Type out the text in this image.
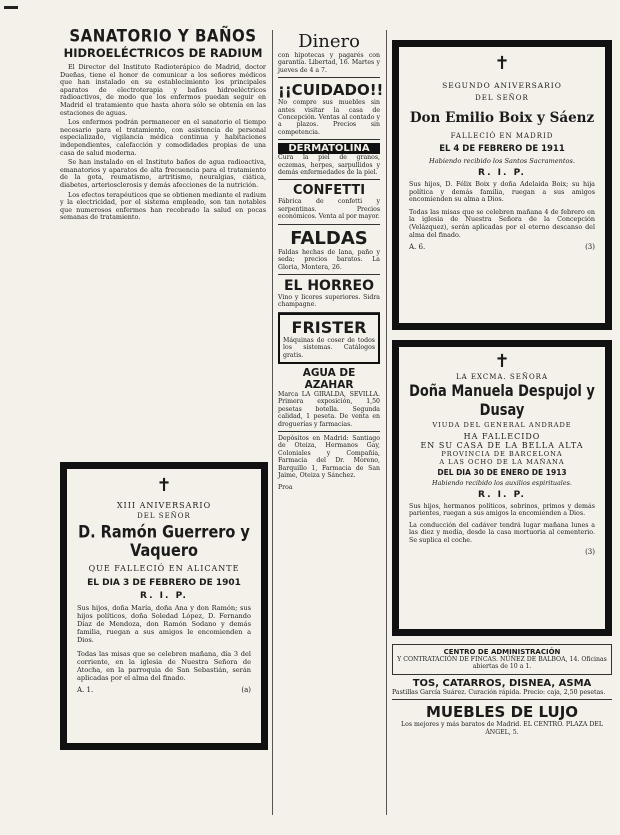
SANATORIO Y BAÑOS
HIDROELÉCTRICOS DE RADIUM

El Director del Instituto Radioterápico de Madrid, doctor Dueñas, tiene el honor de comunicar a los señores médicos que han instalado en su establecimiento los principales aparatos de electroterapia y baños hidroeléctricos radioactivos, de modo que los enfermos puedan seguir en Madrid el tratamiento que hasta ahora sólo se obtenía en las estaciones de aguas.

Los enfermos podrán permanecer en el sanatorio el tiempo necesario para el tratamiento, con asistencia de personal especializado, vigilancia médica continua y habitaciones independientes, calefacción y comodidades propias de una casa de salud moderna.

Se han instalado en el Instituto baños de agua radioactiva, emanatorios y aparatos de alta frecuencia para el tratamiento de la gota, reumatismo, artritismo, neuralgias, ciática, diabetes, arteriosclerosis y demás afecciones de la nutrición.

Los efectos terapéuticos que se obtienen mediante el radium y la electricidad, por el sistema empleado, son tan notables que numerosos enfermos han recobrado la salud en pocas semanas de tratamiento.

✝
XIII ANIVERSARIO
DEL SEÑOR
D. Ramón Guerrero y Vaquero
QUE FALLECIÓ EN ALICANTE
EL DIA 3 DE FEBRERO DE 1901
R. I. P.
Sus hijos, doña María, doña Ana y don Ramón; sus hijos políticos, doña Soledad López, D. Fernando Díaz de Mendoza, don Ramón Sodano y demás familia, ruegan a sus amigos le encomienden a Dios.
Todas las misas que se celebren mañana, día 3 del corriente, en la iglesia de Nuestra Señora de Atocha, en la parroquia de San Sebastián, serán aplicadas por el alma del finado.
A. 1.	(a)
Dinero
con hipotecas y pagarés con garantía. Libertad, 16. Martes y jueves de 4 a 7.
¡¡CUIDADO!!
No compre sus muebles sin antes visitar la casa de Concepción. Ventas al contado y a plazos. Precios sin competencia.
DERMATOLINA
Cura la piel de granos, eczemas, herpes, sarpullidos y demás enfermedades de la piel.
CONFETTI
Fábrica de confetti y serpentinas. Precios económicos. Venta al por mayor.
FALDAS
Faldas hechas de lana, paño y seda; precios baratos. La Gloria, Montera, 26.
EL HORREO
Vino y licores superiores. Sidra champagne.
FRISTER
Máquinas de coser de todos los sistemas. Catálogos gratis.
AGUA DE AZAHAR
Marca LA GIRALDA, SEVILLA. Primera exposición, 1,50 pesetas botella. Segunda calidad, 1 peseta. De venta en droguerías y farmacias.
Depósitos en Madrid: Santiago de Oteiza, Hermanos Gay, Coloniales y Compañía, Farmacia del Dr. Moreno, Barquillo 1, Farmacia de San Jaime, Oteiza y Sánchez.
Proa
✝
SEGUNDO ANIVERSARIO
DEL SEÑOR
Don Emilio Boix y Sáenz
FALLECIÓ EN MADRID
EL 4 DE FEBRERO DE 1911
Habiendo recibido los Santos Sacramentos.
R. I. P.
Sus hijos, D. Félix Boix y doña Adelaida Boix; su hija política y demás familia, ruegan a sus amigos encomienden su alma a Dios.
Todas las misas que se celebren mañana 4 de febrero en la iglesia de Nuestra Señora de la Concepción (Velázquez), serán aplicadas por el eterno descanso del alma del finado.
A. 6.	(3)
✝
LA EXCMA. SEÑORA
Doña Manuela Despujol y Dusay
VIUDA DEL GENERAL ANDRADE
HA FALLECIDO
EN SU CASA DE LA BELLA ALTA
PROVINCIA DE BARCELONA
A LAS OCHO DE LA MAÑANA
DEL DIA 30 DE ENERO DE 1913
Habiendo recibido los auxilios espirituales.
R. I. P.
Sus hijos, hermanos políticos, sobrinos, primos y demás parientes, ruegan a sus amigos la encomienden a Dios.
La conducción del cadáver tendrá lugar mañana lunes a las diez y media, desde la casa mortuoria al cementerio. Se suplica el coche.
(3)
CENTRO DE ADMINISTRACIÓN
Y CONTRATACIÓN DE FINCAS. NÚÑEZ DE BALBOA, 14. Oficinas abiertas de 10 a 1.
TOS, CATARROS, DISNEA, ASMA
Pastillas García Suárez. Curación rápida. Precio: caja, 2,50 pesetas.
MUEBLES DE LUJO
Los mejores y más baratos de Madrid. EL CENTRO. PLAZA DEL ÁNGEL, 5.
